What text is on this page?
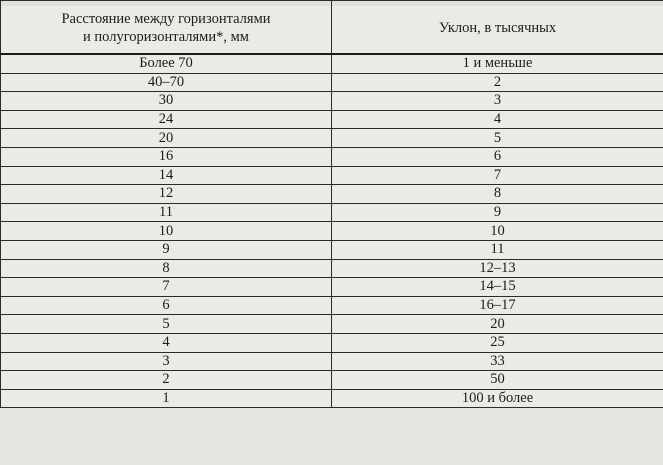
Расстояние между горизонталями
и полугоризонталями*, мм	Уклон, в тысячных
Более 70	1 и меньше
40–70	2
30	3
24	4
20	5
16	6
14	7
12	8
11	9
10	10
9	11
8	12–13
7	14–15
6	16–17
5	20
4	25
3	33
2	50
1	100 и более
